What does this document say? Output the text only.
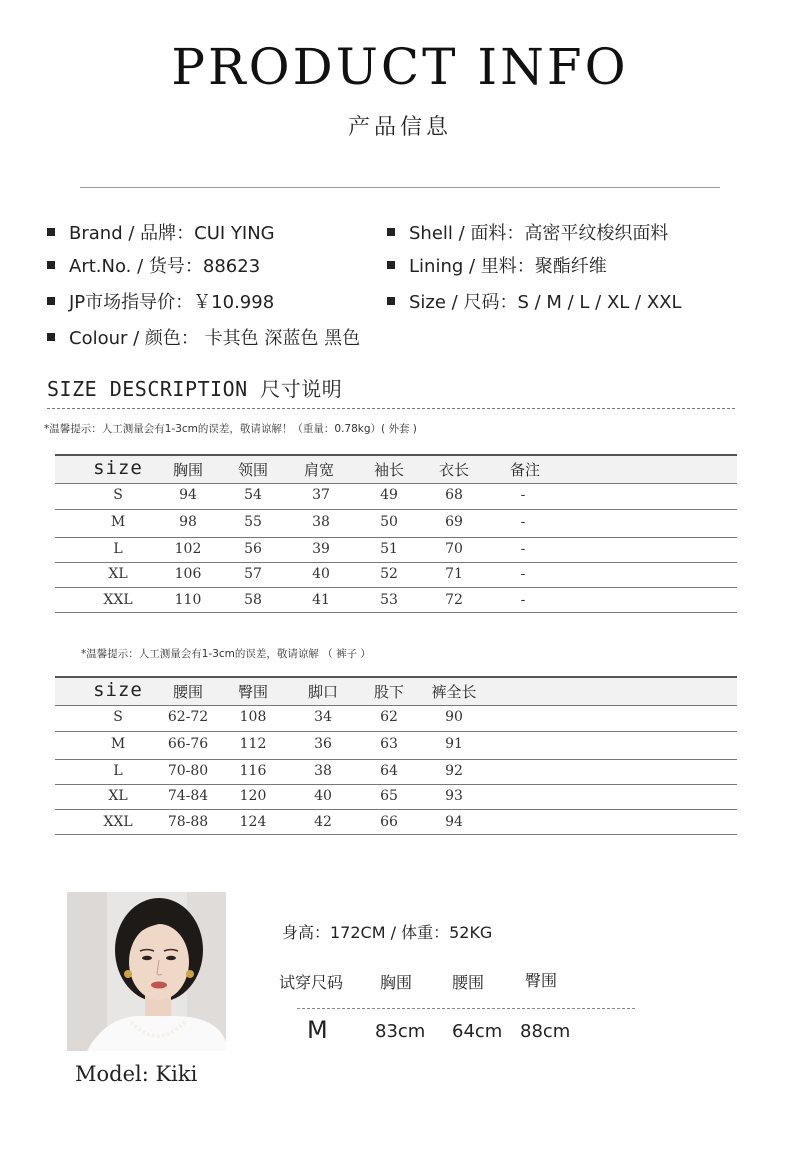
PRODUCT INFO
产品信息
Brand / 品牌：CUI YING
Art.No. / 货号：88623
JP市场指导价：￥10.998
Colour / 颜色： 卡其色 深蓝色 黑色
Shell / 面料：高密平纹梭织面料
Lining / 里料：聚酯纤维
Size / 尺码：S / M / L / XL / XXL
SIZE DESCRIPTION 尺寸说明
*温馨提示：人工测量会有1-3cm的误差，敬请谅解！（重量：0.78kg）( 外套 )
size 胸围 领围 肩宽	袖长 衣长	备注
S	94	54	37	49	68	-
M	98	55	38	50	69	-
L	102	56	39	51	70	-
XL	106	57	40	52	71	-
XXL	110	58	41	53	72	-
*温馨提示：人工测量会有1-3cm的误差，敬请谅解 （ 裤子 ）
size 腰围 臀围	脚口 股下 裤全长
S	62-72 108	34	62	90
M	66-76 112	36	63	91
L	70-80 116	38	64	92
XL	74-84 120	40	65	93
XXL	78-88 124	42	66	94
Model: Kiki
身高：172CM / 体重：52KG
试穿尺码 胸围 腰围	臀围
M	83cm 64cm 88cm
